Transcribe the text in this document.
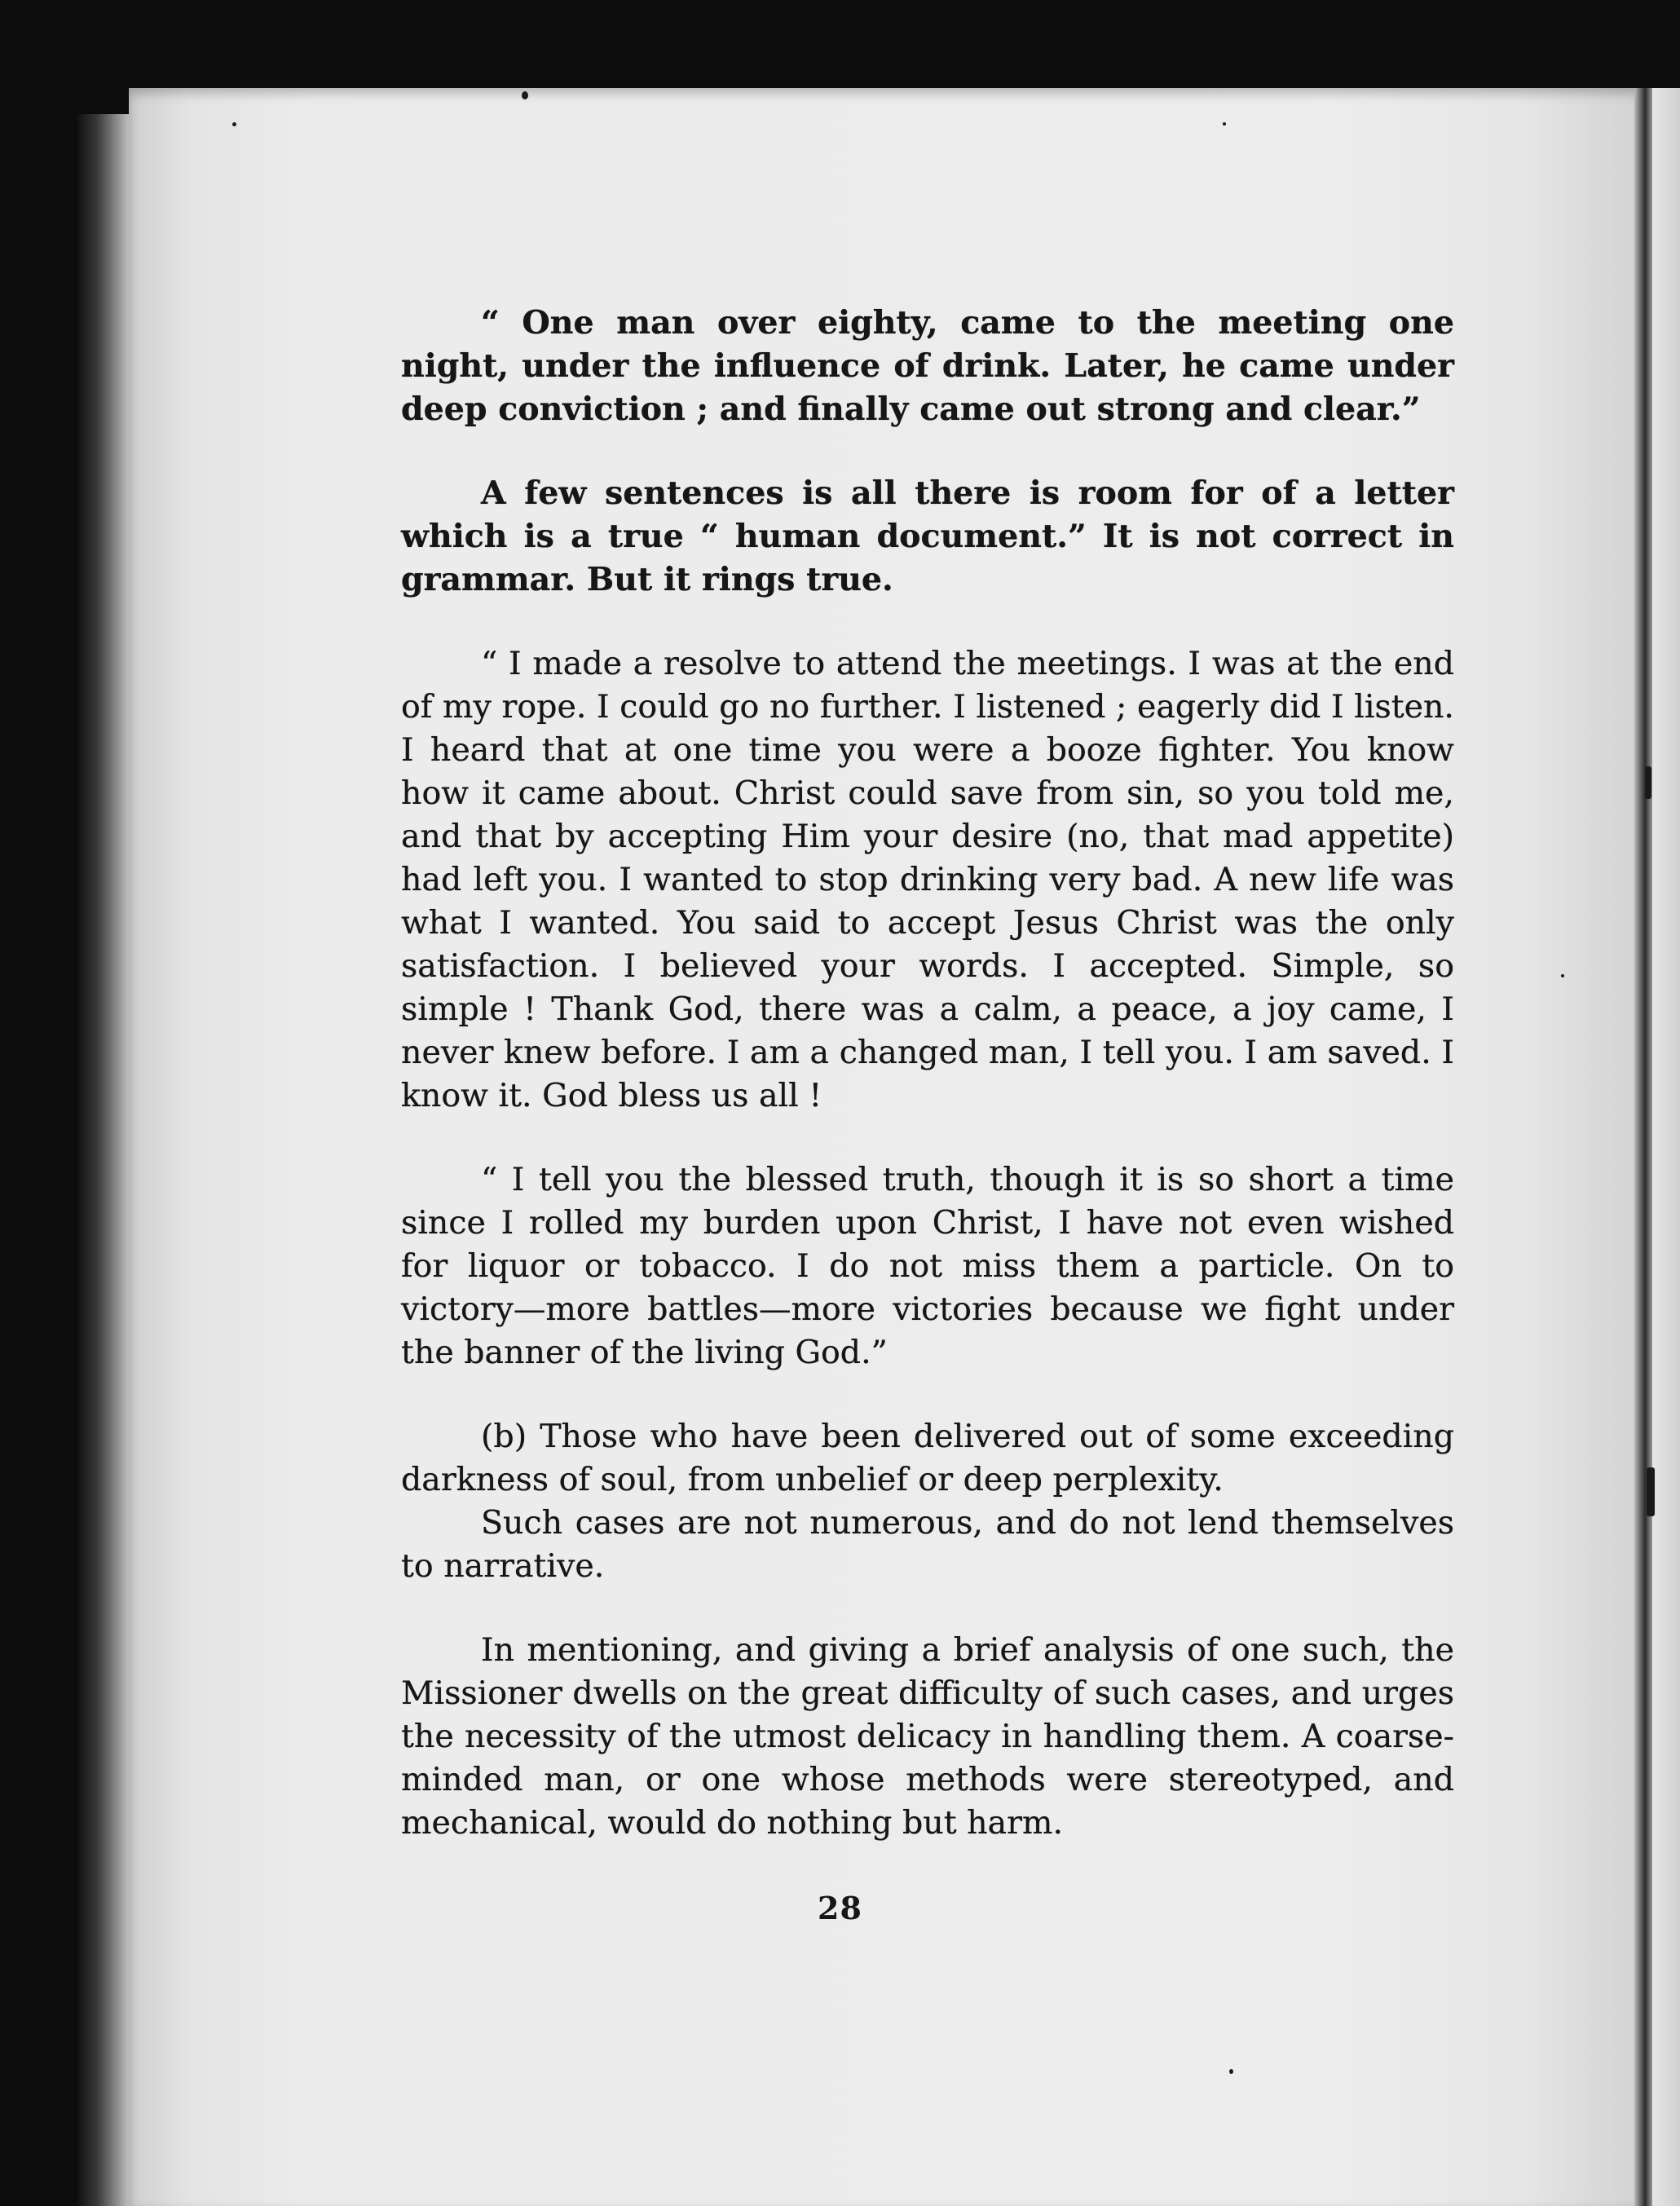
“ One man over eighty, came to the meeting one night, under the influence of drink. Later, he came under deep conviction ; and finally came out strong and clear.”

A few sentences is all there is room for of a letter which is a true “ human document.” It is not correct in grammar. But it rings true.

“ I made a resolve to attend the meetings. I was at the end of my rope. I could go no further. I listened ; eagerly did I listen. I heard that at one time you were a booze fighter. You know how it came about. Christ could save from sin, so you told me, and that by accepting Him your desire (no, that mad appetite) had left you. I wanted to stop drinking very bad. A new life was what I wanted. You said to accept Jesus Christ was the only satisfaction. I believed your words. I accepted. Simple, so simple ! Thank God, there was a calm, a peace, a joy came, I never knew before. I am a changed man, I tell you. I am saved. I know it. God bless us all !

“ I tell you the blessed truth, though it is so short a time since I rolled my burden upon Christ, I have not even wished for liquor or tobacco. I do not miss them a particle. On to victory—more battles—more victories because we fight under the banner of the living God.”

(b) Those who have been delivered out of some exceeding darkness of soul, from unbelief or deep perplexity.

Such cases are not numerous, and do not lend themselves to narrative.

In mentioning, and giving a brief analysis of one such, the Missioner dwells on the great difficulty of such cases, and urges the necessity of the utmost delicacy in handling them. A coarse-minded man, or one whose methods were stereotyped, and mechanical, would do nothing but harm.

28
